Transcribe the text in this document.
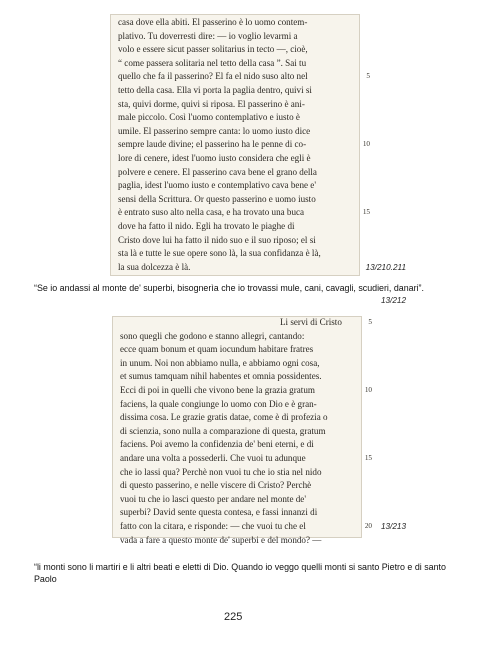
casa dove ella abiti. El passerino è lo uomo contem-
plativo. Tu doverresti dire: — io voglio levarmi a
volo e essere sicut passer solitarius in tecto —, cioè,
“ come passera solitaria nel tetto della casa ”. Sai tu
quello che fa il passerino? El fa el nido suso alto nel	5
tetto della casa. Ella vi porta la paglia dentro, quivi si
sta, quivi dorme, quivi si riposa. El passerino è ani-
male piccolo. Così l'uomo contemplativo e iusto è
umile. El passerino sempre canta: lo uomo iusto dice
sempre laude divine; el passerino ha le penne di co-	10
lore di cenere, idest l'uomo iusto considera che egli è
polvere e cenere. El passerino cava bene el grano della
paglia, idest l'uomo iusto e contemplativo cava bene e'
sensi della Scrittura. Or questo passerino e uomo iusto
è entrato suso alto nella casa, e ha trovato una buca	15
dove ha fatto il nido. Egli ha trovato le piaghe di
Cristo dove lui ha fatto il nido suo e il suo riposo; el si
sta là e tutte le sue opere sono là, la sua confidanza è là,
la sua dolcezza è là.	13/210.211
“Se io andassi al monte de' superbi, bisognerìa che io trovassi mule, cani, cavagli, scudieri, danari”.
13/212
Li servi di Cristo	5
sono quegli che godono e stanno allegri, cantando:
ecce quam bonum et quam iocundum habitare fratres
in unum. Noi non abbiamo nulla, e abbiamo ogni cosa,
et sumus tamquam nihil habentes et omnia possidentes.
Ecci di poi in quelli che vivono bene la grazia gratum	10
faciens, la quale congiunge lo uomo con Dio e è gran-
dissima cosa. Le grazie gratis datae, come è di profezia o
di scienzia, sono nulla a comparazione di questa, gratum
faciens. Poi avemo la confidenzia de' beni eterni, e di
andare una volta a possederli. Che vuoi tu adunque	15
che io lassi qua? Perchè non vuoi tu che io stia nel nido
di questo passerino, e nelle viscere di Cristo? Perchè
vuoi tu che io lasci questo per andare nel monte de'
superbi? David sente questa contesa, e fassi innanzi di
fatto con la citara, e risponde: — che vuoi tu che el	20
vada a fare a questo monte de' superbi e del mondo? —
13/213
“li monti sono li martiri e li altri beati e eletti di Dio. Quando io veggo quelli monti si santo Pietro e di santo Paolo
225
